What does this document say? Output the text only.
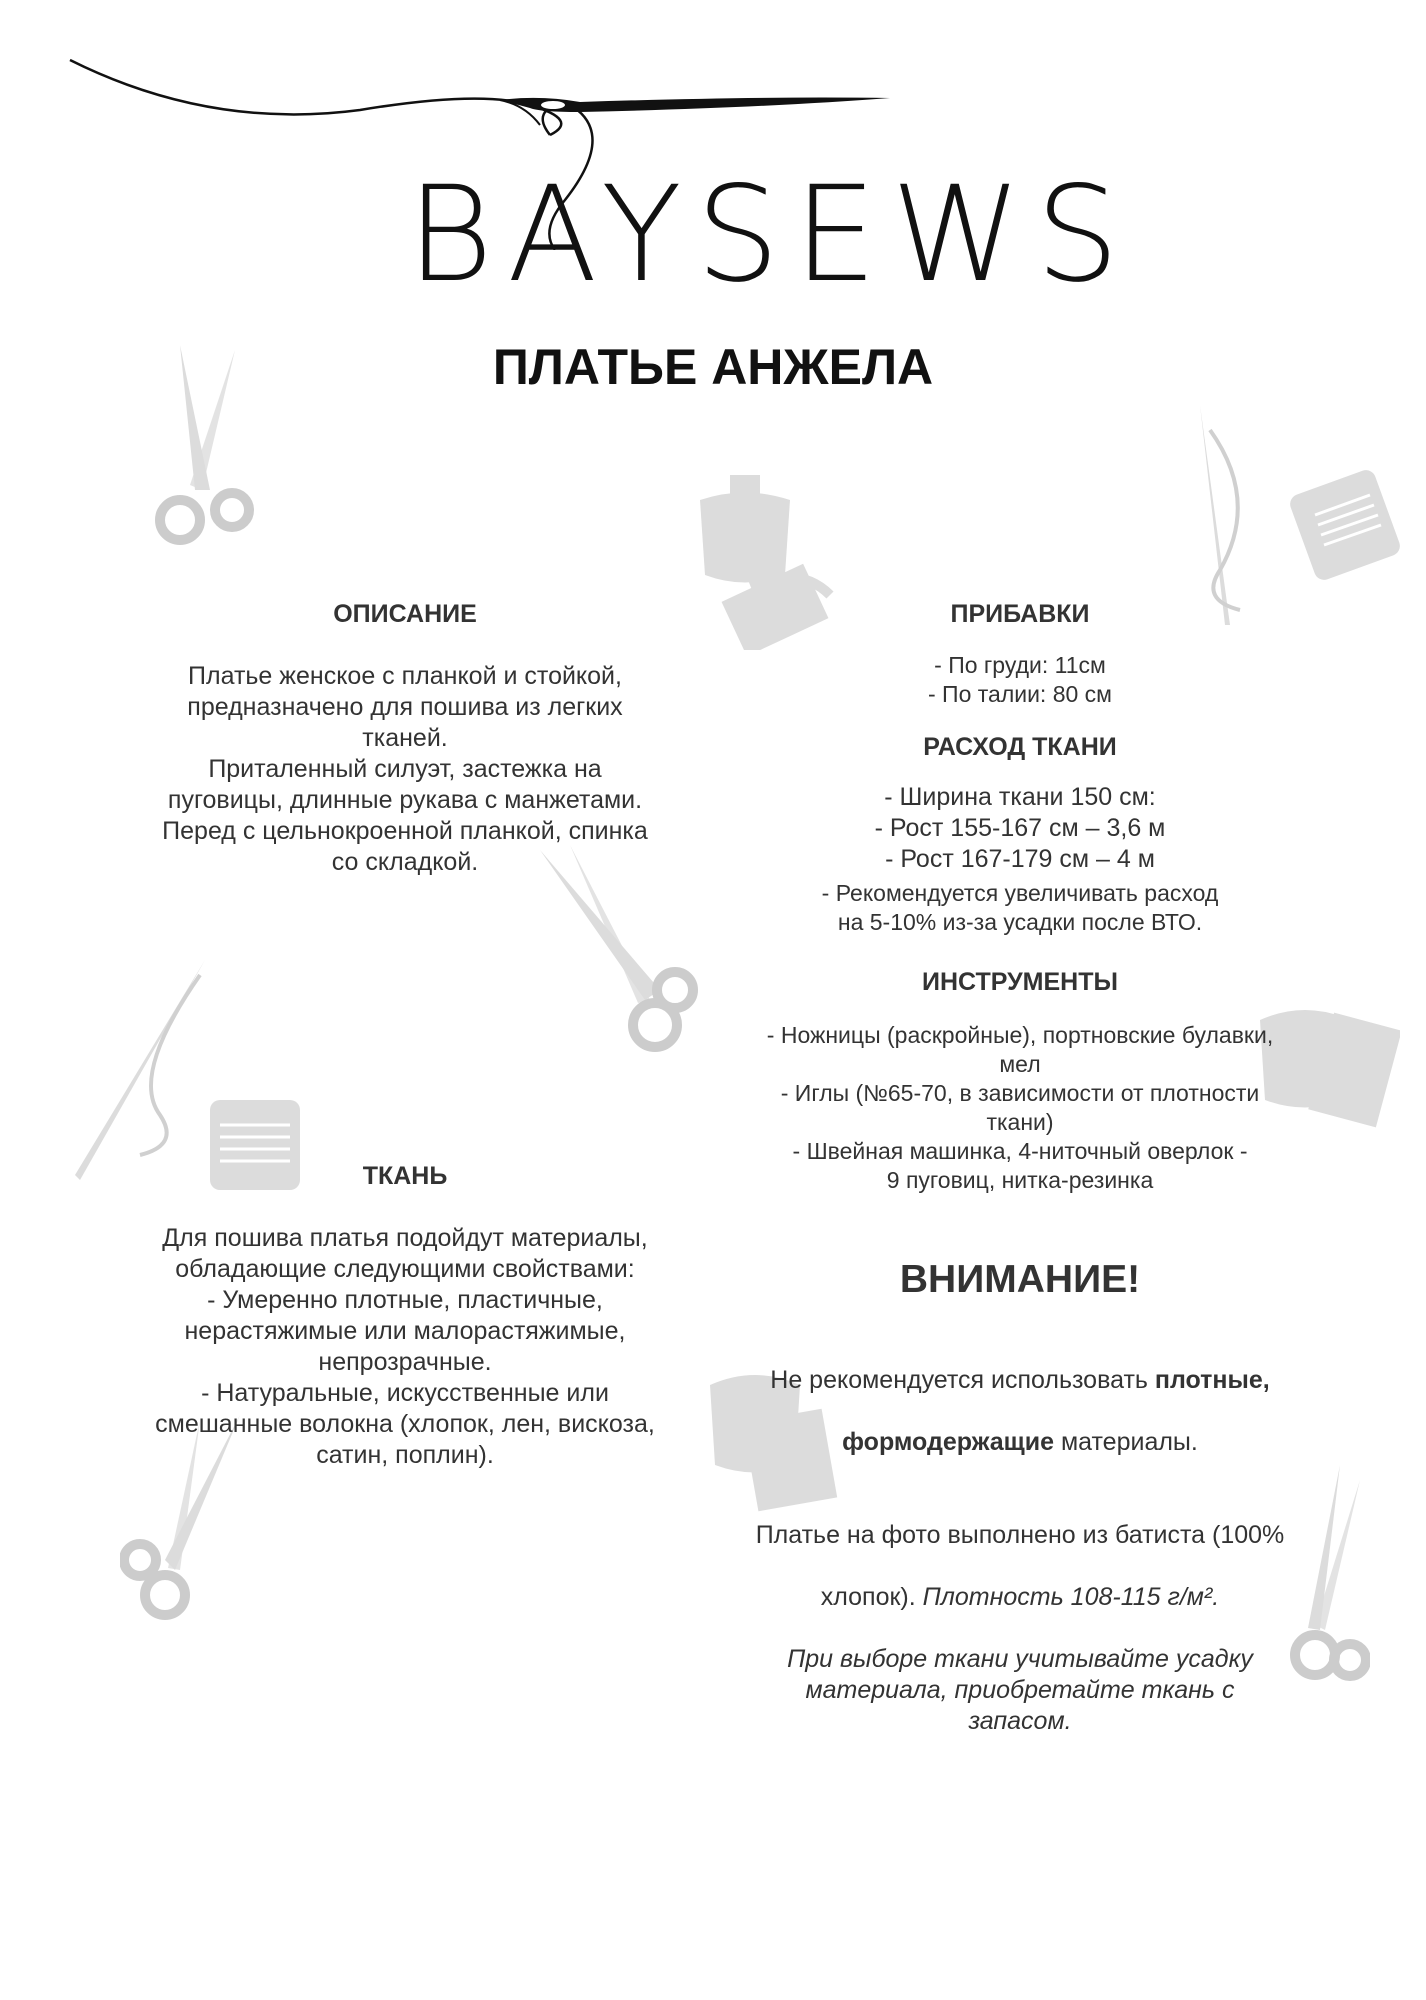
BAYSEWS
ПЛАТЬЕ АНЖЕЛА
ОПИСАНИЕ
Платье женское с планкой и стойкой,
предназначено для пошива из легких
тканей.
Приталенный силуэт, застежка на
пуговицы, длинные рукава с манжетами.
Перед с цельнокроенной планкой, спинка
со складкой.
ТКАНЬ
Для пошива платья подойдут материалы,
обладающие следующими свойствами:
- Умеренно плотные, пластичные,
нерастяжимые или малорастяжимые,
непрозрачные.
- Натуральные, искусственные или
смешанные волокна (хлопок, лен, вискоза,
сатин, поплин).
ПРИБАВКИ
- По груди: 11см
- По талии: 80 см
РАСХОД ТКАНИ
- Ширина ткани 150 см:
- Рост 155-167 см – 3,6 м
- Рост 167-179 см – 4 м
- Рекомендуется увеличивать расход
на 5-10% из-за усадки после ВТО.
ИНСТРУМЕНТЫ
- Ножницы (раскройные), портновские булавки,
мел
- Иглы (№65-70, в зависимости от плотности
ткани)
- Швейная машинка, 4-ниточный оверлок -
9 пуговиц, нитка-резинка
ВНИМАНИЕ!

Не рекомендуется использовать плотные,

формодержащие материалы.

Платье на фото выполнено из батиста (100%

хлопок). Плотность 108-115 г/м².

При выборе ткани учитывайте усадку
материала, приобретайте ткань с
запасом.
